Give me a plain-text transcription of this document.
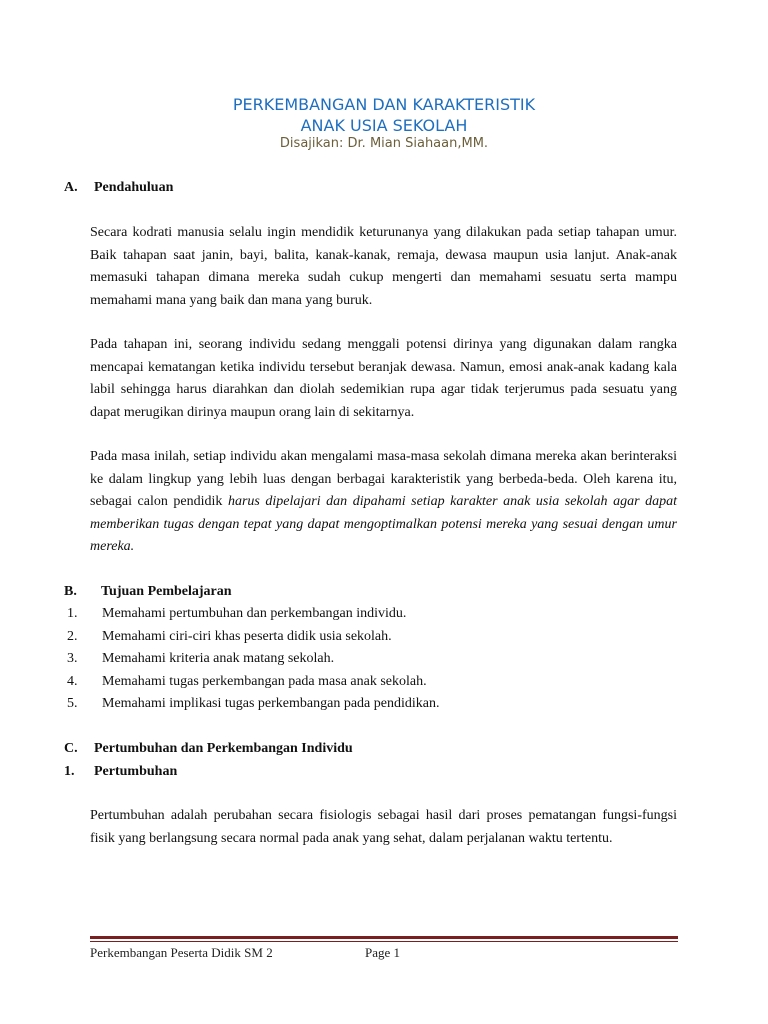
PERKEMBANGAN DAN KARAKTERISTIK
ANAK USIA SEKOLAH
Disajikan: Dr. Mian Siahaan,MM.
A. Pendahuluan

Secara kodrati manusia selalu ingin mendidik keturunanya yang dilakukan pada setiap tahapan umur. Baik tahapan saat janin, bayi, balita, kanak-kanak, remaja, dewasa maupun usia lanjut. Anak-anak memasuki tahapan dimana mereka sudah cukup mengerti dan memahami sesuatu serta mampu memahami mana yang baik dan mana yang buruk.

Pada tahapan ini, seorang individu sedang menggali potensi dirinya yang digunakan dalam rangka mencapai kematangan ketika individu tersebut beranjak dewasa. Namun, emosi anak-anak kadang kala labil sehingga harus diarahkan dan diolah sedemikian rupa agar tidak terjerumus pada sesuatu yang dapat merugikan dirinya maupun orang lain di sekitarnya.

Pada masa inilah, setiap individu akan mengalami masa-masa sekolah dimana mereka akan berinteraksi ke dalam lingkup yang lebih luas dengan berbagai karakteristik yang berbeda-beda. Oleh karena itu, sebagai calon pendidik harus dipelajari dan dipahami setiap karakter anak usia sekolah agar dapat memberikan tugas dengan tepat yang dapat mengoptimalkan potensi mereka yang sesuai dengan umur mereka.

B. Tujuan Pembelajaran
1. Memahami pertumbuhan dan perkembangan individu.
2. Memahami ciri-ciri khas peserta didik usia sekolah.
3. Memahami kriteria anak matang sekolah.
4. Memahami tugas perkembangan pada masa anak sekolah.
5. Memahami implikasi tugas perkembangan pada pendidikan.
C. Pertumbuhan dan Perkembangan Individu
1. Pertumbuhan

Pertumbuhan adalah perubahan secara fisiologis sebagai hasil dari proses pematangan fungsi-fungsi fisik yang berlangsung secara normal pada anak yang sehat, dalam perjalanan waktu tertentu.

Perkembangan Peserta Didik SM 2	Page 1
